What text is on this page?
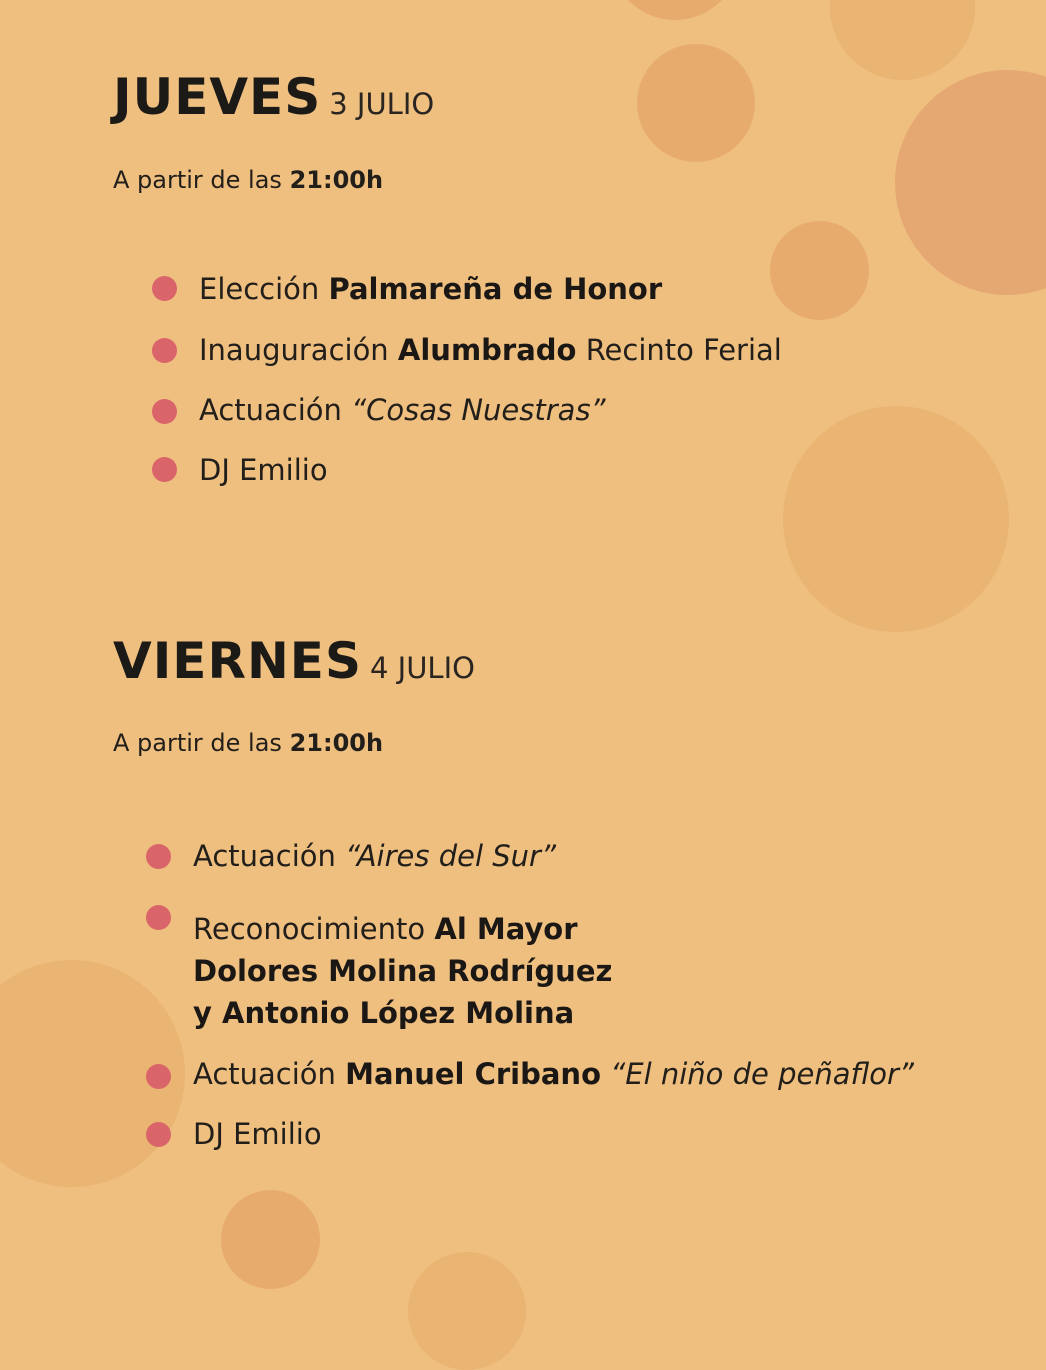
JUEVES 3 JULIO
A partir de las 21:00h
Elección Palmareña de Honor
Inauguración Alumbrado Recinto Ferial
Actuación “Cosas Nuestras”
DJ Emilio
VIERNES 4 JULIO
A partir de las 21:00h
Actuación “Aires del Sur”
Reconocimiento Al Mayor
Dolores Molina Rodríguez
y Antonio López Molina
Actuación Manuel Cribano “El niño de peñaflor”
DJ Emilio
